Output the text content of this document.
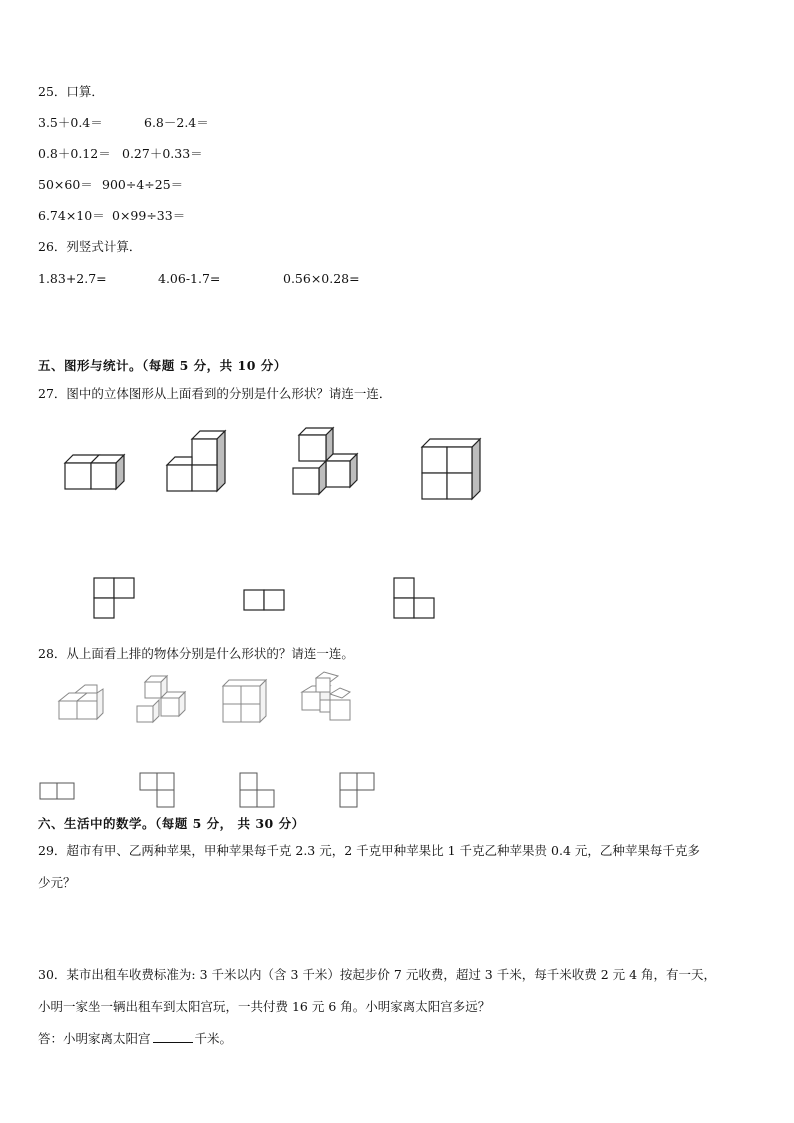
25．口算．
3.5＋0.4＝	6.8－2.4＝
0.8＋0.12＝ 0.27＋0.33＝
50×60＝ 900÷4÷25＝
6.74×10＝ 0×99÷33＝
26．列竖式计算．
1.83+2.7=	4.06-1.7=	0.56×0.28=
五、图形与统计。（每题 5 分，共 10 分）
27．图中的立体图形从上面看到的分别是什么形状？请连一连．
28．从上面看上排的物体分别是什么形状的？请连一连。
六、生活中的数学。（每题 5 分， 共 30 分）
29．超市有甲、乙两种苹果，甲种苹果每千克 2.3 元，2 千克甲种苹果比 1 千克乙种苹果贵 0.4 元，乙种苹果每千克多
少元？
30．某市出租车收费标准为: 3 千米以内（含 3 千米）按起步价 7 元收费，超过 3 千米，每千米收费 2 元 4 角，有一天，
小明一家坐一辆出租车到太阳宫玩，一共付费 16 元 6 角。小明家离太阳宫多远？
答：小明家离太阳宫	千米。
